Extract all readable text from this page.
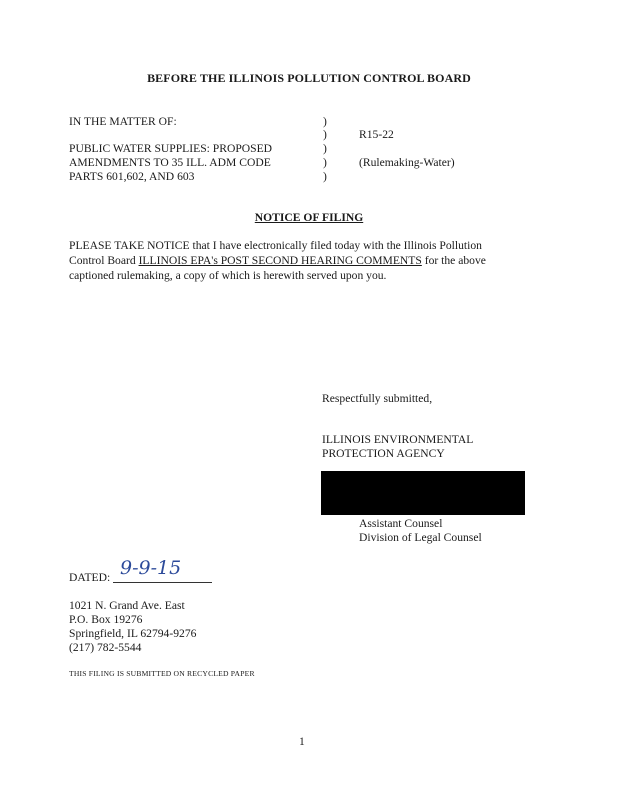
BEFORE THE ILLINOIS POLLUTION CONTROL BOARD
IN THE MATTER OF:
PUBLIC WATER SUPPLIES: PROPOSED
AMENDMENTS TO 35 ILL. ADM CODE
PARTS 601,602, AND 603
)
)
)
)
)
R15-22
(Rulemaking-Water)
NOTICE OF FILING
PLEASE TAKE NOTICE that I have electronically filed today with the Illinois Pollution
Control Board ILLINOIS EPA's POST SECOND HEARING COMMENTS for the above
captioned rulemaking, a copy of which is herewith served upon you.
Respectfully submitted,
ILLINOIS ENVIRONMENTAL
PROTECTION AGENCY
Assistant Counsel
Division of Legal Counsel
DATED: 9-9-15
1021 N. Grand Ave. East
P.O. Box 19276
Springfield, IL 62794-9276
(217) 782-5544
THIS FILING IS SUBMITTED ON RECYCLED PAPER
1
